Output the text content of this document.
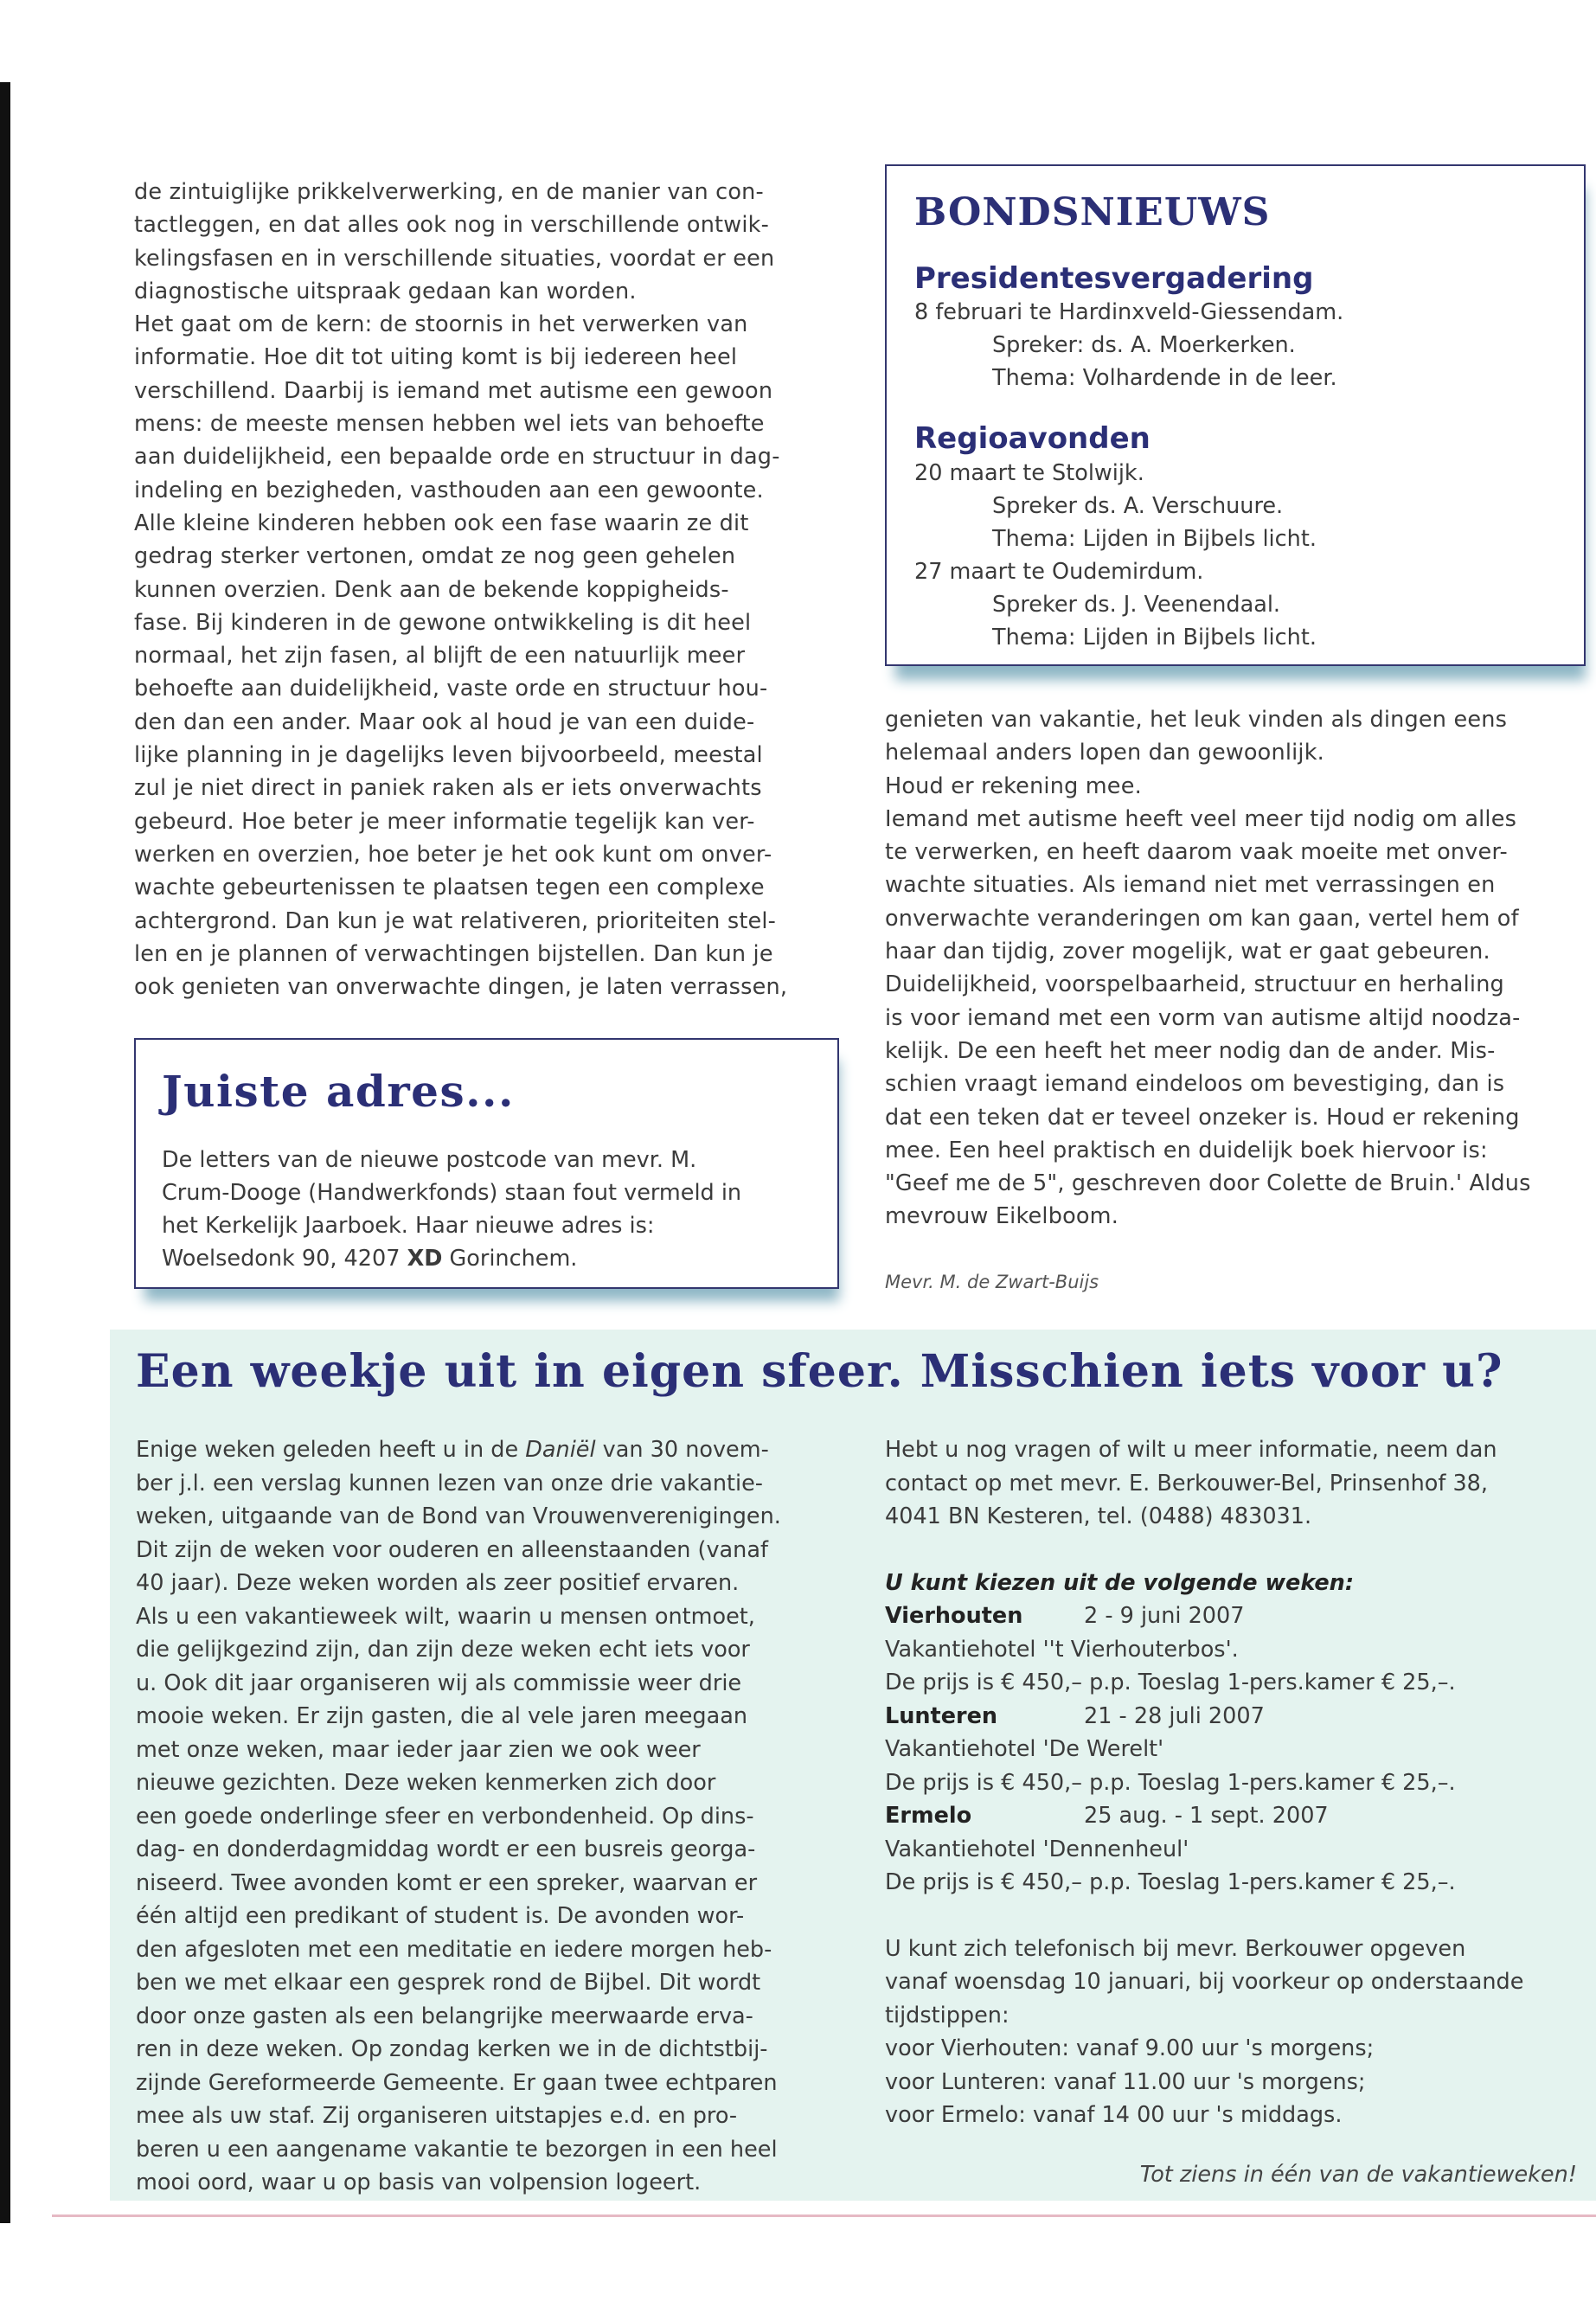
de zintuiglijke prikkelverwerking, en de manier van con-

tactleggen, en dat alles ook nog in verschillende ontwik-

kelingsfasen en in verschillende situaties, voordat er een

diagnostische uitspraak gedaan kan worden.

Het gaat om de kern: de stoornis in het verwerken van

informatie. Hoe dit tot uiting komt is bij iedereen heel

verschillend. Daarbij is iemand met autisme een gewoon

mens: de meeste mensen hebben wel iets van behoefte

aan duidelijkheid, een bepaalde orde en structuur in dag-

indeling en bezigheden, vasthouden aan een gewoonte.

Alle kleine kinderen hebben ook een fase waarin ze dit

gedrag sterker vertonen, omdat ze nog geen gehelen

kunnen overzien. Denk aan de bekende koppigheids-

fase. Bij kinderen in de gewone ontwikkeling is dit heel

normaal, het zijn fasen, al blijft de een natuurlijk meer

behoefte aan duidelijkheid, vaste orde en structuur hou-

den dan een ander. Maar ook al houd je van een duide-

lijke planning in je dagelijks leven bijvoorbeeld, meestal

zul je niet direct in paniek raken als er iets onverwachts

gebeurd. Hoe beter je meer informatie tegelijk kan ver-

werken en overzien, hoe beter je het ook kunt om onver-

wachte gebeurtenissen te plaatsen tegen een complexe

achtergrond. Dan kun je wat relativeren, prioriteiten stel-

len en je plannen of verwachtingen bijstellen. Dan kun je

ook genieten van onverwachte dingen, je laten verrassen,

BONDSNIEUWS
Presidentesvergadering
8 februari te Hardinxveld-Giessendam.
Spreker: ds. A. Moerkerken.
Thema: Volhardende in de leer.
Regioavonden
20 maart te Stolwijk.
Spreker ds. A. Verschuure.
Thema: Lijden in Bijbels licht.
27 maart te Oudemirdum.
Spreker ds. J. Veenendaal.
Thema: Lijden in Bijbels licht.

genieten van vakantie, het leuk vinden als dingen eens

helemaal anders lopen dan gewoonlijk.

Houd er rekening mee.

Iemand met autisme heeft veel meer tijd nodig om alles

te verwerken, en heeft daarom vaak moeite met onver-

wachte situaties. Als iemand niet met verrassingen en

onverwachte veranderingen om kan gaan, vertel hem of

haar dan tijdig, zover mogelijk, wat er gaat gebeuren.

Duidelijkheid, voorspelbaarheid, structuur en herhaling

is voor iemand met een vorm van autisme altijd noodza-

kelijk. De een heeft het meer nodig dan de ander. Mis-

schien vraagt iemand eindeloos om bevestiging, dan is

dat een teken dat er teveel onzeker is. Houd er rekening

mee. Een heel praktisch en duidelijk boek hiervoor is:

"Geef me de 5", geschreven door Colette de Bruin.' Aldus

mevrouw Eikelboom.

Mevr. M. de Zwart-Buijs
Juiste adres...
De letters van de nieuwe postcode van mevr. M.
Crum-Dooge (Handwerkfonds) staan fout vermeld in
het Kerkelijk Jaarboek. Haar nieuwe adres is:
Woelsedonk 90, 4207 XD Gorinchem.
Een weekje uit in eigen sfeer. Misschien iets voor u?
Enige weken geleden heeft u in de Daniël van 30 novem-
ber j.l. een verslag kunnen lezen van onze drie vakantie-
weken, uitgaande van de Bond van Vrouwenverenigingen.
Dit zijn de weken voor ouderen en alleenstaanden (vanaf
40 jaar). Deze weken worden als zeer positief ervaren.
Als u een vakantieweek wilt, waarin u mensen ontmoet,
die gelijkgezind zijn, dan zijn deze weken echt iets voor
u. Ook dit jaar organiseren wij als commissie weer drie
mooie weken. Er zijn gasten, die al vele jaren meegaan
met onze weken, maar ieder jaar zien we ook weer
nieuwe gezichten. Deze weken kenmerken zich door
een goede onderlinge sfeer en verbondenheid. Op dins-
dag- en donderdagmiddag wordt er een busreis georga-
niseerd. Twee avonden komt er een spreker, waarvan er
één altijd een predikant of student is. De avonden wor-
den afgesloten met een meditatie en iedere morgen heb-
ben we met elkaar een gesprek rond de Bijbel. Dit wordt
door onze gasten als een belangrijke meerwaarde erva-
ren in deze weken. Op zondag kerken we in de dichtstbij-
zijnde Gereformeerde Gemeente. Er gaan twee echtparen
mee als uw staf. Zij organiseren uitstapjes e.d. en pro-
beren u een aangename vakantie te bezorgen in een heel
mooi oord, waar u op basis van volpension logeert.
Hebt u nog vragen of wilt u meer informatie, neem dan
contact op met mevr. E. Berkouwer-Bel, Prinsenhof 38,
4041 BN Kesteren, tel. (0488) 483031.
U kunt kiezen uit de volgende weken:
Vierhouten	2 - 9 juni 2007
Vakantiehotel ''t Vierhouterbos'.
De prijs is € 450,– p.p. Toeslag 1-pers.kamer € 25,–.
Lunteren	21 - 28 juli 2007
Vakantiehotel 'De Werelt'
De prijs is € 450,– p.p. Toeslag 1-pers.kamer € 25,–.
Ermelo	25 aug. - 1 sept. 2007
Vakantiehotel 'Dennenheul'
De prijs is € 450,– p.p. Toeslag 1-pers.kamer € 25,–.
U kunt zich telefonisch bij mevr. Berkouwer opgeven
vanaf woensdag 10 januari, bij voorkeur op onderstaande
tijdstippen:
voor Vierhouten: vanaf 9.00 uur 's morgens;
voor Lunteren: vanaf 11.00 uur 's morgens;
voor Ermelo: vanaf 14 00 uur 's middags.
Tot ziens in één van de vakantieweken!
